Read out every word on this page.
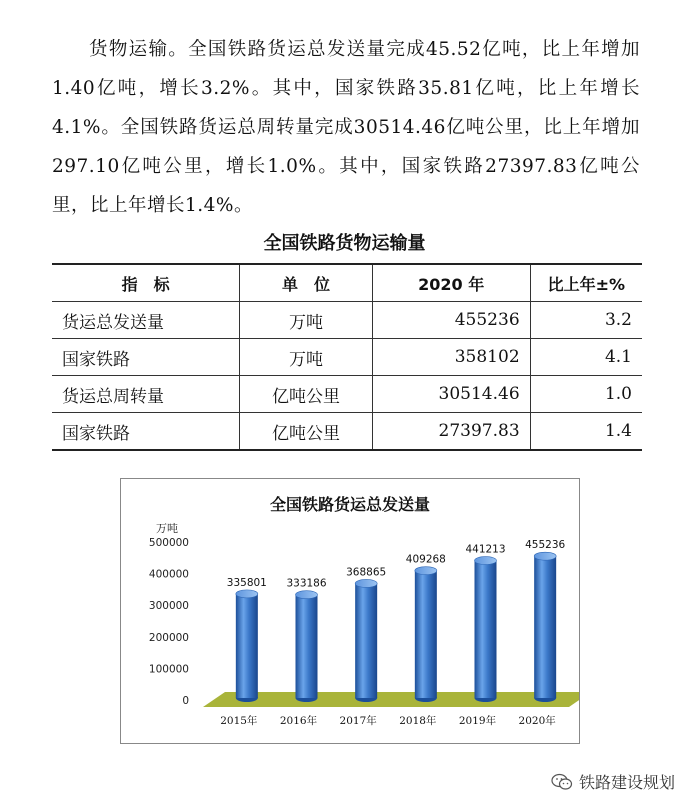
货物运输。全国铁路货运总发送量完成45.52亿吨，比上年增加1.40亿吨，增长3.2%。其中，国家铁路35.81亿吨，比上年增长4.1%。全国铁路货运总周转量完成30514.46亿吨公里，比上年增加297.10亿吨公里，增长1.0%。其中，国家铁路27397.83亿吨公里，比上年增长1.4%。

全国铁路货物运输量
指　标	单　位	2020 年	比上年±%
货运总发送量	万吨	455236	3.2
国家铁路	万吨	358102	4.1
货运总周转量	亿吨公里	30514.46	1.0
国家铁路	亿吨公里	27397.83	1.4
全国铁路货运总发送量
万吨
0
100000
200000
300000
400000
500000
335801 333186
368865
409268
441213 455236
2015年 2016年 2017年 2018年 2019年 2020年
铁路建设规划
